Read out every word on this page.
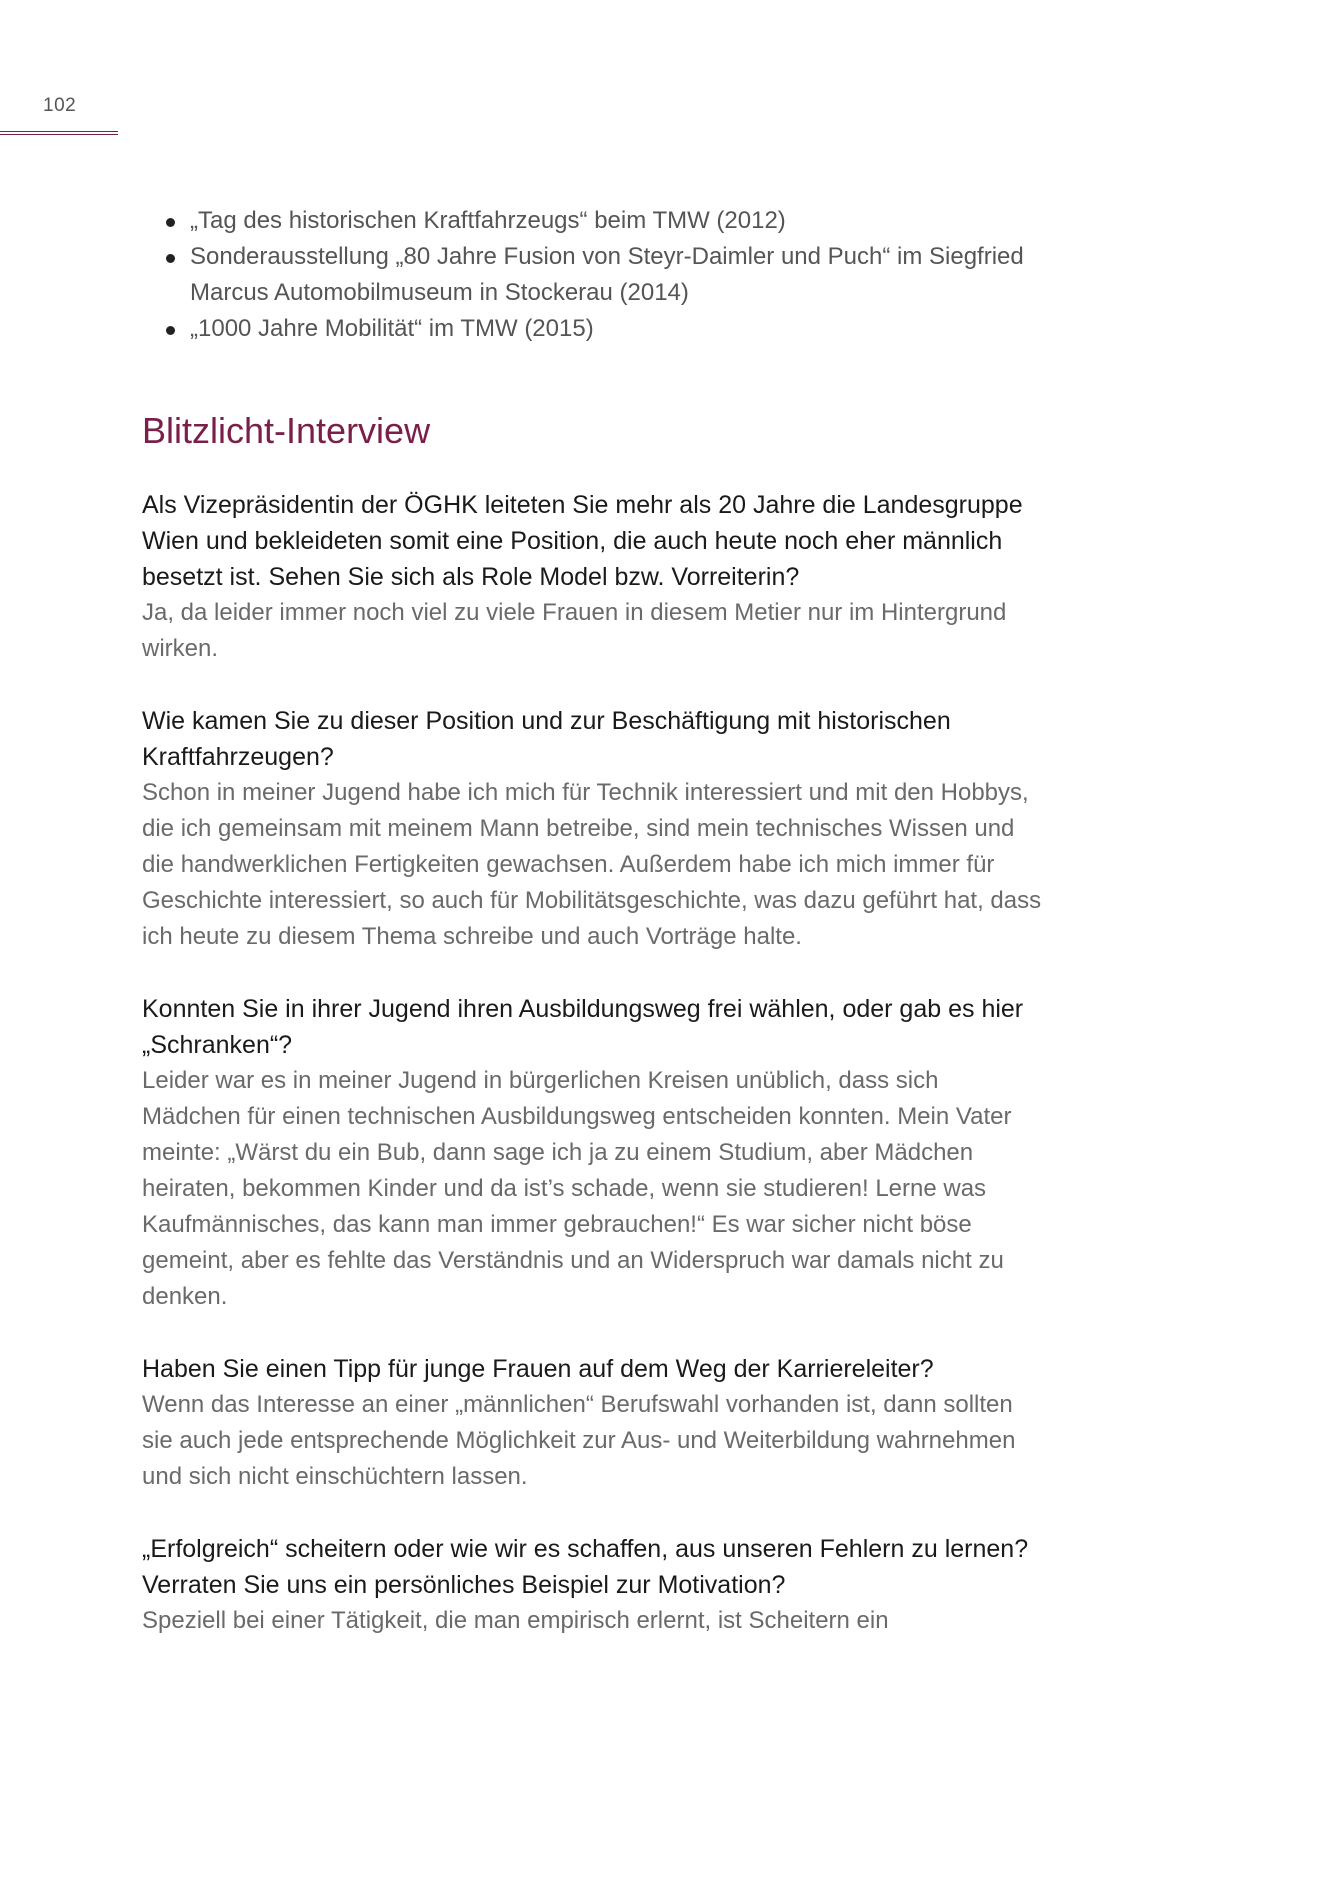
102
„Tag des historischen Kraftfahrzeugs“ beim TMW (2012)
Sonderausstellung „80 Jahre Fusion von Steyr-Daimler und Puch“ im Siegfried Marcus Automobilmuseum in Stockerau (2014)
„1000 Jahre Mobilität“ im TMW (2015)
Blitzlicht-Interview

Als Vizepräsidentin der ÖGHK leiteten Sie mehr als 20 Jahre die Landesgruppe Wien und bekleideten somit eine Position, die auch heute noch eher männlich besetzt ist. Sehen Sie sich als Role Model bzw. Vorreiterin?

Ja, da leider immer noch viel zu viele Frauen in diesem Metier nur im Hintergrund wirken.

Wie kamen Sie zu dieser Position und zur Beschäftigung mit historischen Kraftfahrzeugen?

Schon in meiner Jugend habe ich mich für Technik interessiert und mit den Hobbys, die ich gemeinsam mit meinem Mann betreibe, sind mein technisches Wissen und die handwerklichen Fertigkeiten gewachsen. Außerdem habe ich mich immer für Geschichte interessiert, so auch für Mobilitätsgeschichte, was dazu geführt hat, dass ich heute zu diesem Thema schreibe und auch Vorträge halte.

Konnten Sie in ihrer Jugend ihren Ausbildungsweg frei wählen, oder gab es hier „Schranken“?

Leider war es in meiner Jugend in bürgerlichen Kreisen unüblich, dass sich Mädchen für einen technischen Ausbildungsweg entscheiden konnten. Mein Vater meinte: „Wärst du ein Bub, dann sage ich ja zu einem Studium, aber Mädchen heiraten, bekommen Kinder und da ist’s schade, wenn sie studieren! Lerne was Kaufmännisches, das kann man immer gebrauchen!“ Es war sicher nicht böse gemeint, aber es fehlte das Verständnis und an Widerspruch war damals nicht zu denken.

Haben Sie einen Tipp für junge Frauen auf dem Weg der Karriereleiter?

Wenn das Interesse an einer „männlichen“ Berufswahl vorhanden ist, dann sollten sie auch jede entsprechende Möglichkeit zur Aus- und Weiterbildung wahrnehmen und sich nicht einschüchtern lassen.

„Erfolgreich“ scheitern oder wie wir es schaffen, aus unseren Fehlern zu lernen? Verraten Sie uns ein persönliches Beispiel zur Motivation?

Speziell bei einer Tätigkeit, die man empirisch erlernt, ist Scheitern ein
